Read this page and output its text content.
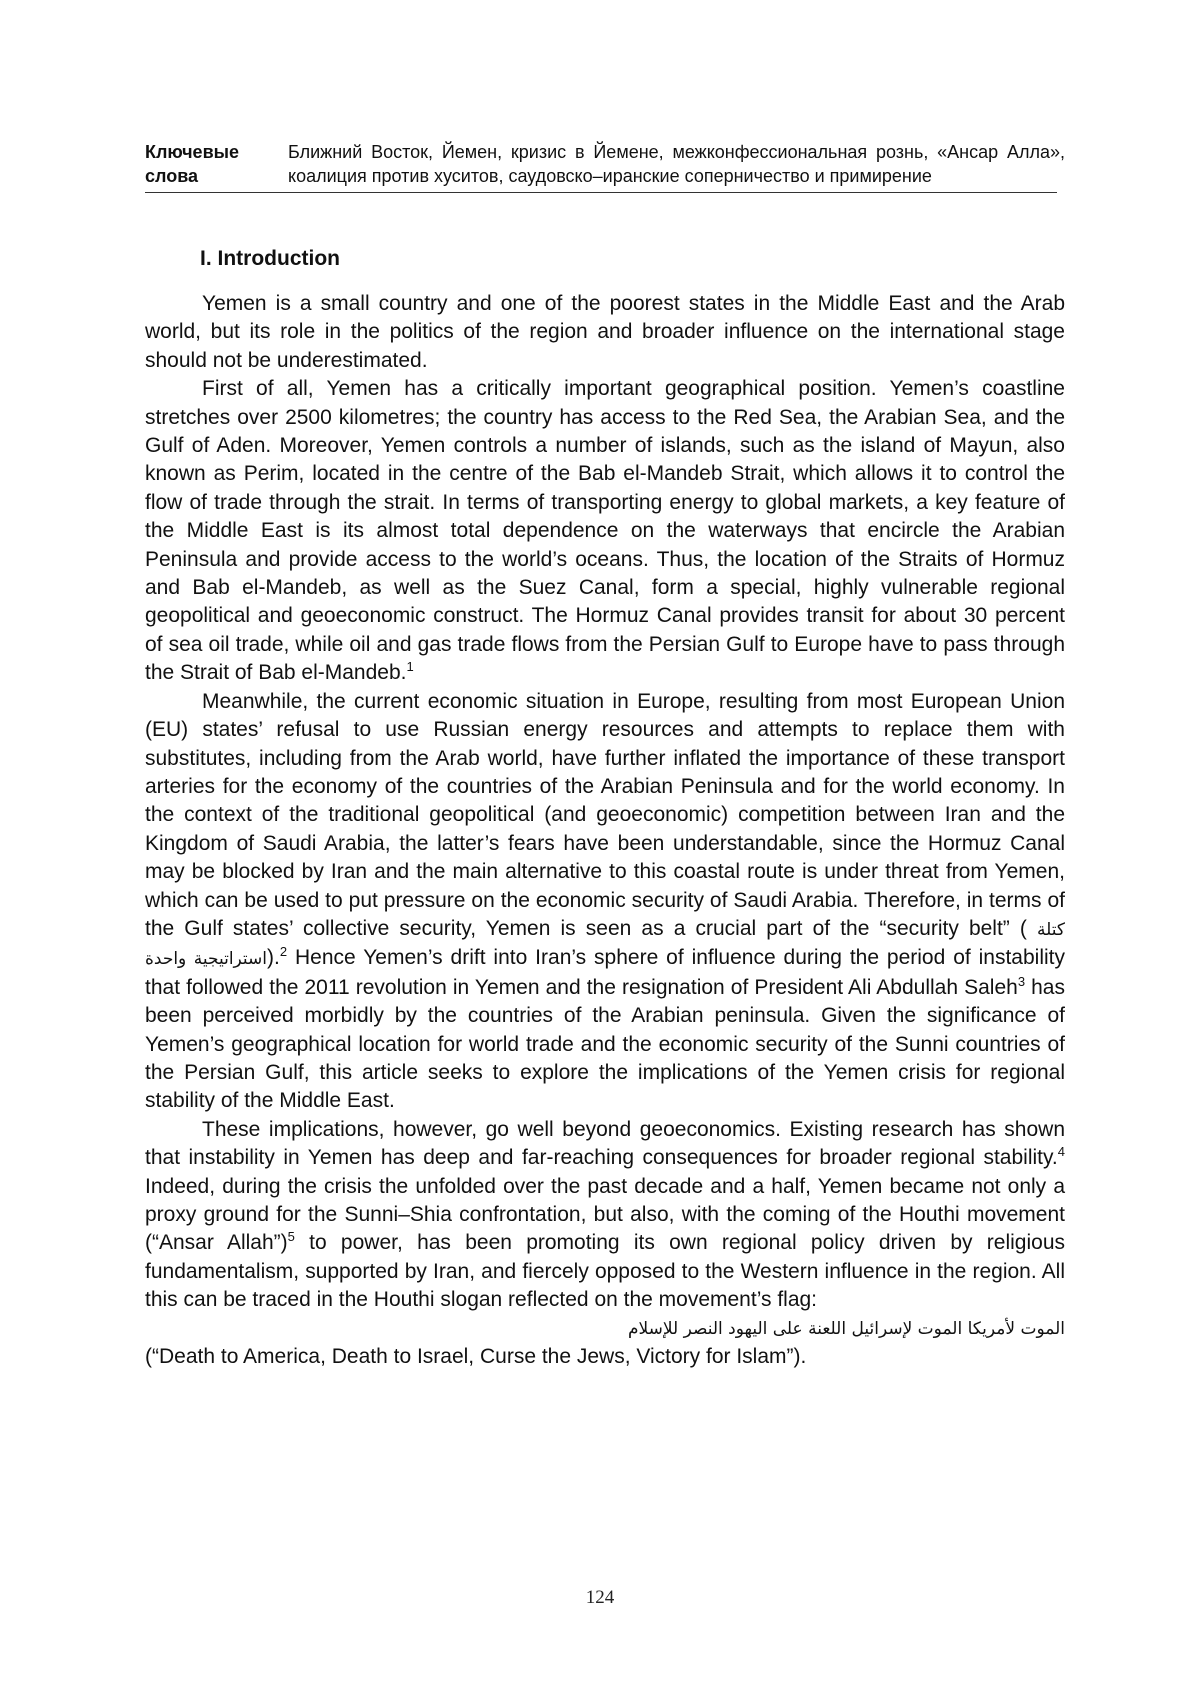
Ключевые слова
Ближний Восток, Йемен, кризис в Йемене, межконфессиональная рознь, «Ансар Алла», коалиция против хуситов, саудовско–иранские соперничество и примирение
I. Introduction

Yemen is a small country and one of the poorest states in the Middle East and the Arab world, but its role in the politics of the region and broader influence on the international stage should not be underestimated.

First of all, Yemen has a critically important geographical position. Yemen’s coastline stretches over 2500 kilometres; the country has access to the Red Sea, the Arabian Sea, and the Gulf of Aden. Moreover, Yemen controls a number of islands, such as the island of Mayun, also known as Perim, located in the centre of the Bab el-Mandeb Strait, which allows it to control the flow of trade through the strait. In terms of transporting energy to global markets, a key feature of the Middle East is its almost total dependence on the waterways that encircle the Arabian Peninsula and provide access to the world’s oceans. Thus, the location of the Straits of Hormuz and Bab el-Mandeb, as well as the Suez Canal, form a special, highly vulnerable regional geopolitical and geoeconomic construct. The Hormuz Canal provides transit for about 30 percent of sea oil trade, while oil and gas trade flows from the Persian Gulf to Europe have to pass through the Strait of Bab el-Mandeb.$^1$

Meanwhile, the current economic situation in Europe, resulting from most European Union (EU) states’ refusal to use Russian energy resources and attempts to replace them with substitutes, including from the Arab world, have further inflated the importance of these transport arteries for the economy of the countries of the Arabian Peninsula and for the world economy. In the context of the traditional geopolitical (and geoeconomic) competition between Iran and the Kingdom of Saudi Arabia, the latter’s fears have been understandable, since the Hormuz Canal may be blocked by Iran and the main alternative to this coastal route is under threat from Yemen, which can be used to put pressure on the economic security of Saudi Arabia. Therefore, in terms of the Gulf states’ collective security, Yemen is seen as a crucial part of the “security belt” ( كتلة استراتيجية واحدة).$^2$ Hence Yemen’s drift into Iran’s sphere of influence during the period of instability that followed the 2011 revolution in Yemen and the resignation of President Ali Abdullah Saleh$^3$ has been perceived morbidly by the countries of the Arabian peninsula. Given the significance of Yemen’s geographical location for world trade and the economic security of the Sunni countries of the Persian Gulf, this article seeks to explore the implications of the Yemen crisis for regional stability of the Middle East.

These implications, however, go well beyond geoeconomics. Existing research has shown that instability in Yemen has deep and far-reaching consequences for broader regional stability.$^4$ Indeed, during the crisis the unfolded over the past decade and a half, Yemen became not only a proxy ground for the Sunni–Shia confrontation, but also, with the coming of the Houthi movement (“Ansar Allah”)$^5$ to power, has been promoting its own regional policy driven by religious fundamentalism, supported by Iran, and fiercely opposed to the Western influence in the region. All this can be traced in the Houthi slogan reflected on the movement’s flag:

الموت لأمريكا الموت لإسرائيل اللعنة على اليهود النصر للإسلام

(“Death to America, Death to Israel, Curse the Jews, Victory for Islam”).

124
